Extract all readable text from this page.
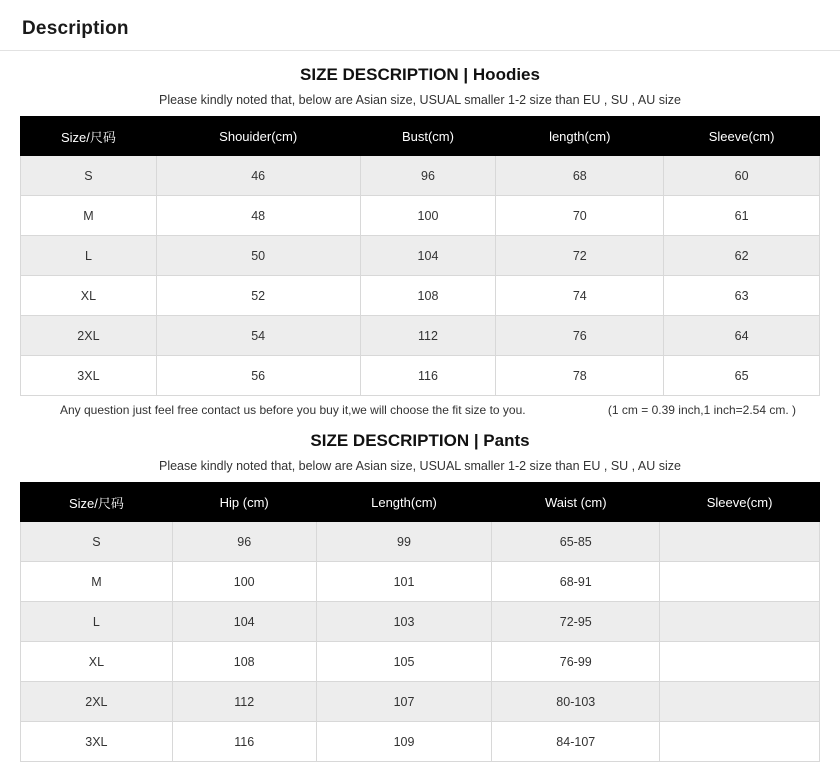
Description
SIZE DESCRIPTION | Hoodies
Please kindly noted that, below are Asian size, USUAL smaller 1-2 size than EU , SU , AU size
Size/尺码	Shouider(cm)	Bust(cm)	length(cm)	Sleeve(cm)
S	46	96	68	60
M	48	100	70	61
L	50	104	72	62
XL	52	108	74	63
2XL	54	112	76	64
3XL	56	116	78	65
Any question just feel free contact us before you buy it,we will choose the fit size to you.	(1 cm = 0.39 inch,1 inch=2.54 cm. )
SIZE DESCRIPTION | Pants
Please kindly noted that, below are Asian size, USUAL smaller 1-2 size than EU , SU , AU size
Size/尺码	Hip (cm)	Length(cm)	Waist (cm)	Sleeve(cm)
S	96	99	65-85	
M	100	101	68-91	
L	104	103	72-95	
XL	108	105	76-99	
2XL	112	107	80-103	
3XL	116	109	84-107	
